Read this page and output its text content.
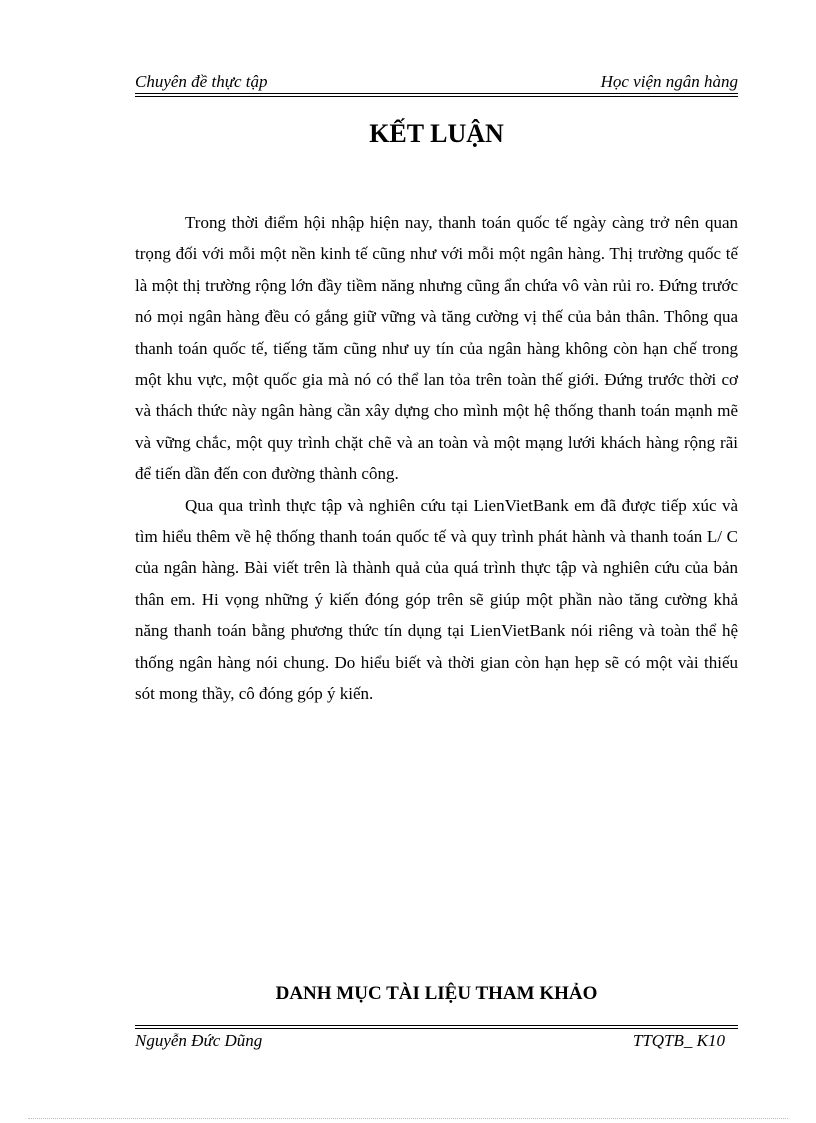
Chuyên đề thực tập	Học viện ngân hàng
KẾT LUẬN

Trong thời điểm hội nhập hiện nay, thanh toán quốc tế ngày càng trở nên quan trọng đối với mỗi một nền kinh tế cũng như với mỗi một ngân hàng. Thị trường quốc tế là một thị trường rộng lớn đầy tiềm năng nhưng cũng ẩn chứa vô vàn rủi ro. Đứng trước nó mọi ngân hàng đều có gắng giữ vững và tăng cường vị thế của bản thân. Thông qua thanh toán quốc tế, tiếng tăm cũng như uy tín của ngân hàng không còn hạn chế trong một khu vực, một quốc gia mà nó có thể lan tỏa trên toàn thế giới. Đứng trước thời cơ và thách thức này ngân hàng cần xây dựng cho mình một hệ thống thanh toán mạnh mẽ và vững chắc, một quy trình chặt chẽ và an toàn và một mạng lưới khách hàng rộng rãi để tiến dần đến con đường thành công.

Qua qua trình thực tập và nghiên cứu tại LienVietBank em đã được tiếp xúc và tìm hiểu thêm về hệ thống thanh toán quốc tế và quy trình phát hành và thanh toán L/ C của ngân hàng. Bài viết trên là thành quả của quá trình thực tập và nghiên cứu của bản thân em. Hi vọng những ý kiến đóng góp trên sẽ giúp một phần nào tăng cường khả năng thanh toán bằng phương thức tín dụng tại LienVietBank nói riêng và toàn thể hệ thống ngân hàng nói chung. Do hiểu biết và thời gian còn hạn hẹp sẽ có một vài thiếu sót mong thầy, cô đóng góp ý kiến.

DANH MỤC TÀI LIỆU THAM KHẢO
Nguyễn Đức Dũng	TTQTB_ K10
